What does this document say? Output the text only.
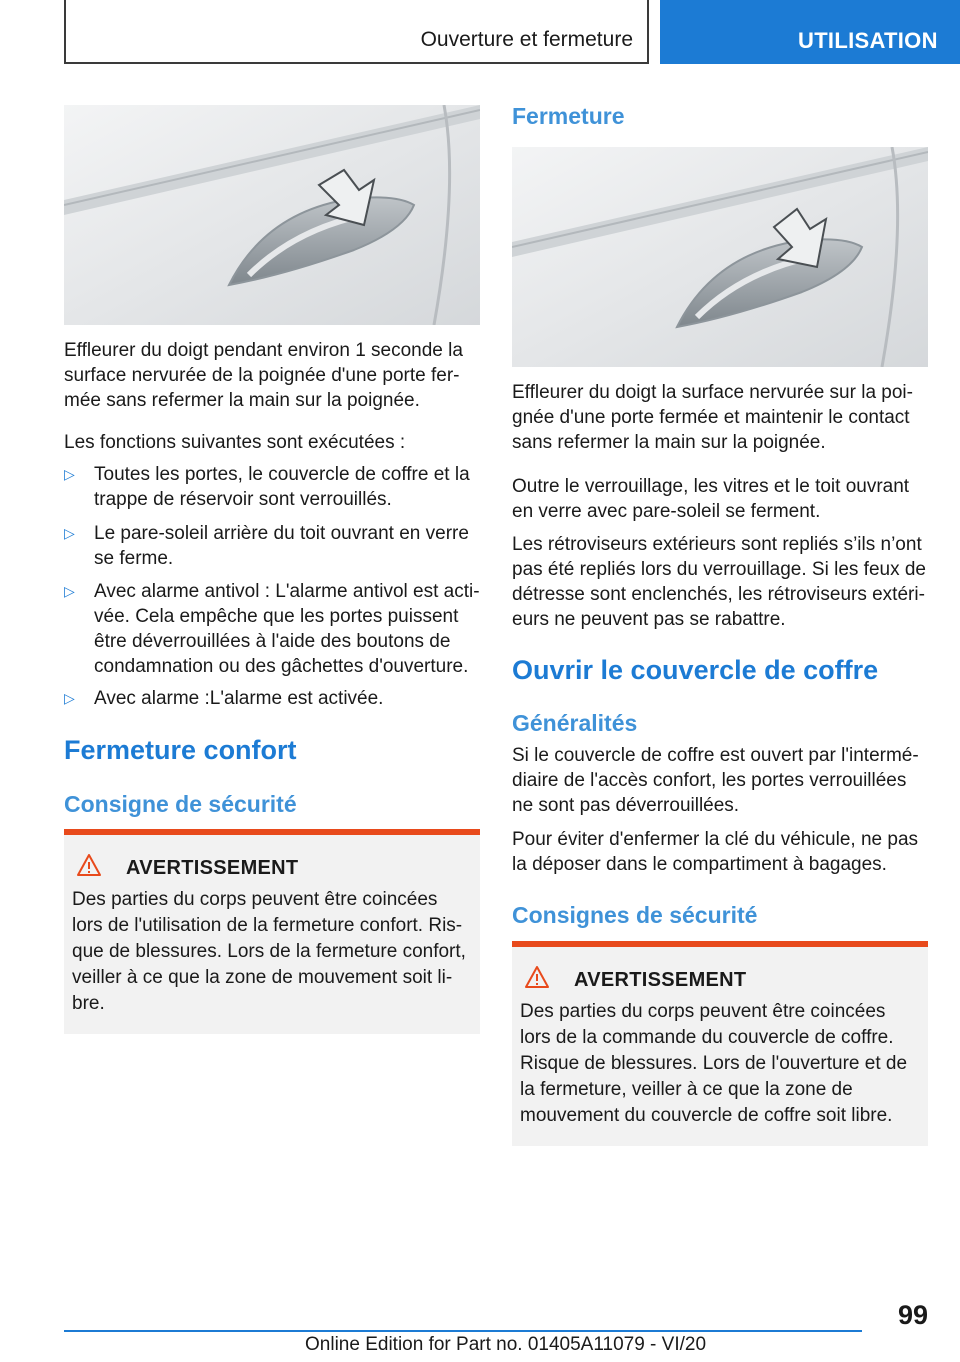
Ouverture et fermeture	UTILISATION

Effleurer du doigt pendant environ 1 seconde la surface nervurée de la poignée d'une porte fermée sans refermer la main sur la poignée.

Les fonctions suivantes sont exécutées :

▷ Toutes les portes, le couvercle de coffre et la trappe de réservoir sont verrouillés.
▷ Le pare-soleil arrière du toit ouvrant en verre se ferme.
▷ Avec alarme antivol : L'alarme antivol est activée. Cela empêche que les portes puissent être déverrouillées à l'aide des boutons de condamnation ou des gâchettes d'ouverture.
▷ Avec alarme :L'alarme est activée.
Fermeture confort
Consigne de sécurité
AVERTISSEMENT

Des parties du corps peuvent être coincées lors de l'utilisation de la fermeture confort. Risque de blessures. Lors de la fermeture confort, veiller à ce que la zone de mouvement soit libre.

Fermeture

Effleurer du doigt la surface nervurée sur la poignée d'une porte fermée et maintenir le contact sans refermer la main sur la poignée.

Outre le verrouillage, les vitres et le toit ouvrant en verre avec pare-soleil se ferment.

Les rétroviseurs extérieurs sont repliés s’ils n’ont pas été repliés lors du verrouillage. Si les feux de détresse sont enclenchés, les rétroviseurs extérieurs ne peuvent pas se rabattre.

Ouvrir le couvercle de coffre
Généralités

Si le couvercle de coffre est ouvert par l'intermédiaire de l'accès confort, les portes verrouillées ne sont pas déverrouillées.

Pour éviter d'enfermer la clé du véhicule, ne pas la déposer dans le compartiment à bagages.

Consignes de sécurité
AVERTISSEMENT

Des parties du corps peuvent être coincées lors de la commande du couvercle de coffre. Risque de blessures. Lors de l'ouverture et de la fermeture, veiller à ce que la zone de mouvement du couvercle de coffre soit libre.

99
Online Edition for Part no. 01405A11079 - VI/20
